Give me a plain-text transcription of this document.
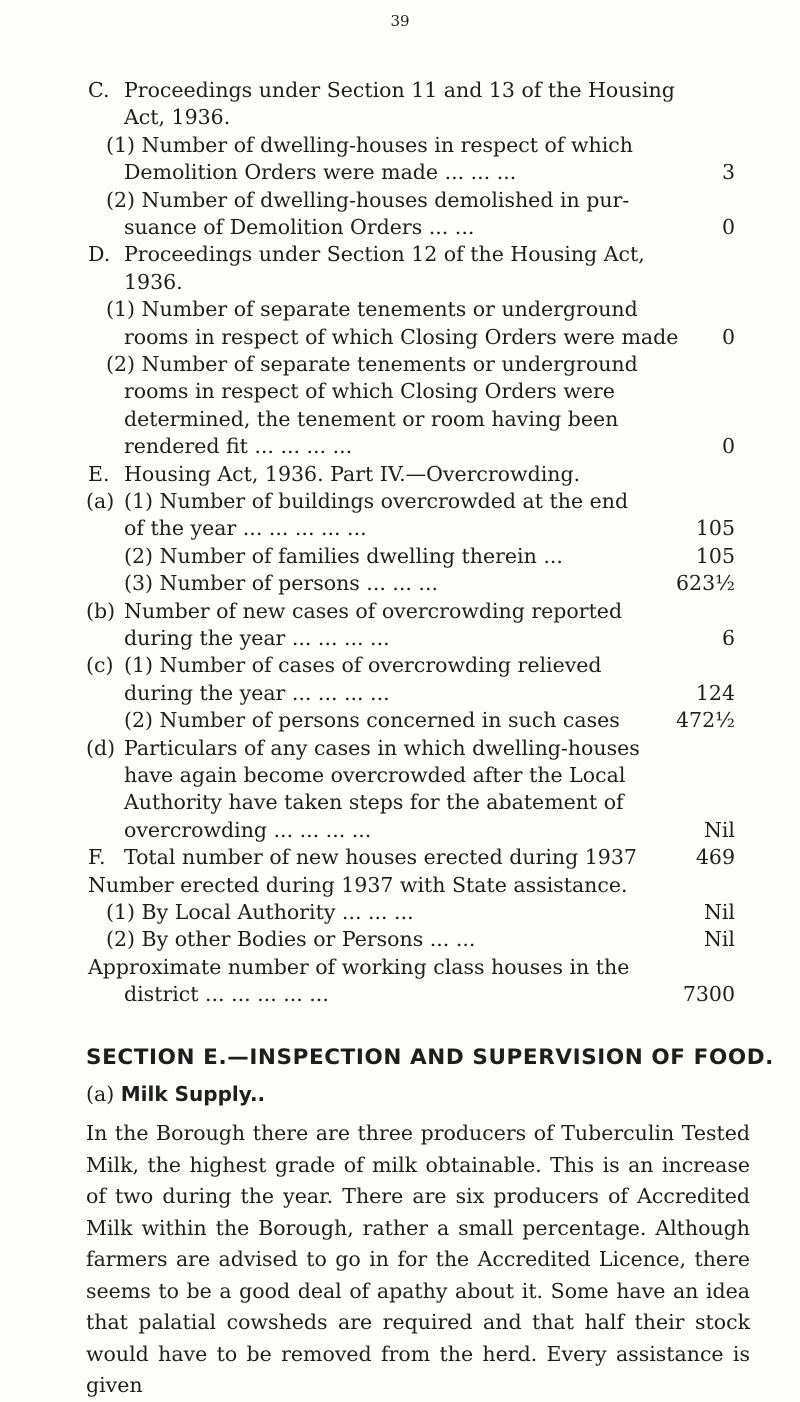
39
C. Proceedings under Section 11 and 13 of the Housing
Act, 1936.
(1) Number of dwelling-houses in respect of which
Demolition Orders were made ... ... ...	3
(2) Number of dwelling-houses demolished in pur-
suance of Demolition Orders ... ...	0
D. Proceedings under Section 12 of the Housing Act,
1936.
(1) Number of separate tenements or underground
rooms in respect of which Closing Orders were made 0
(2) Number of separate tenements or underground
rooms in respect of which Closing Orders were
determined, the tenement or room having been
rendered fit ... ... ... ...	0
E. Housing Act, 1936. Part IV.—Overcrowding.
(a) (1) Number of buildings overcrowded at the end
of the year ... ... ... ... ...	105
(2) Number of families dwelling therein ...	105
(3) Number of persons ... ... ...	623½
(b) Number of new cases of overcrowding reported
during the year ... ... ... ...	6
(c) (1) Number of cases of overcrowding relieved
during the year ... ... ... ...	124
(2) Number of persons concerned in such cases	472½
(d) Particulars of any cases in which dwelling-houses
have again become overcrowded after the Local
Authority have taken steps for the abatement of
overcrowding ... ... ... ...	Nil
F. Total number of new houses erected during 1937	469
Number erected during 1937 with State assistance.
(1) By Local Authority ... ... ...	Nil
(2) By other Bodies or Persons ... ...	Nil
Approximate number of working class houses in the
district ... ... ... ... ...	7300
SECTION E.—INSPECTION AND SUPERVISION OF FOOD.
(a) Milk Supply..
In the Borough there are three producers of Tuberculin Tested Milk, the highest grade of milk obtainable. This is an increase of two during the year. There are six producers of Accredited Milk within the Borough, rather a small percentage. Although farmers are advised to go in for the Accredited Licence, there seems to be a good deal of apathy about it. Some have an idea that palatial cowsheds are required and that half their stock would have to be removed from the herd. Every assistance is given
